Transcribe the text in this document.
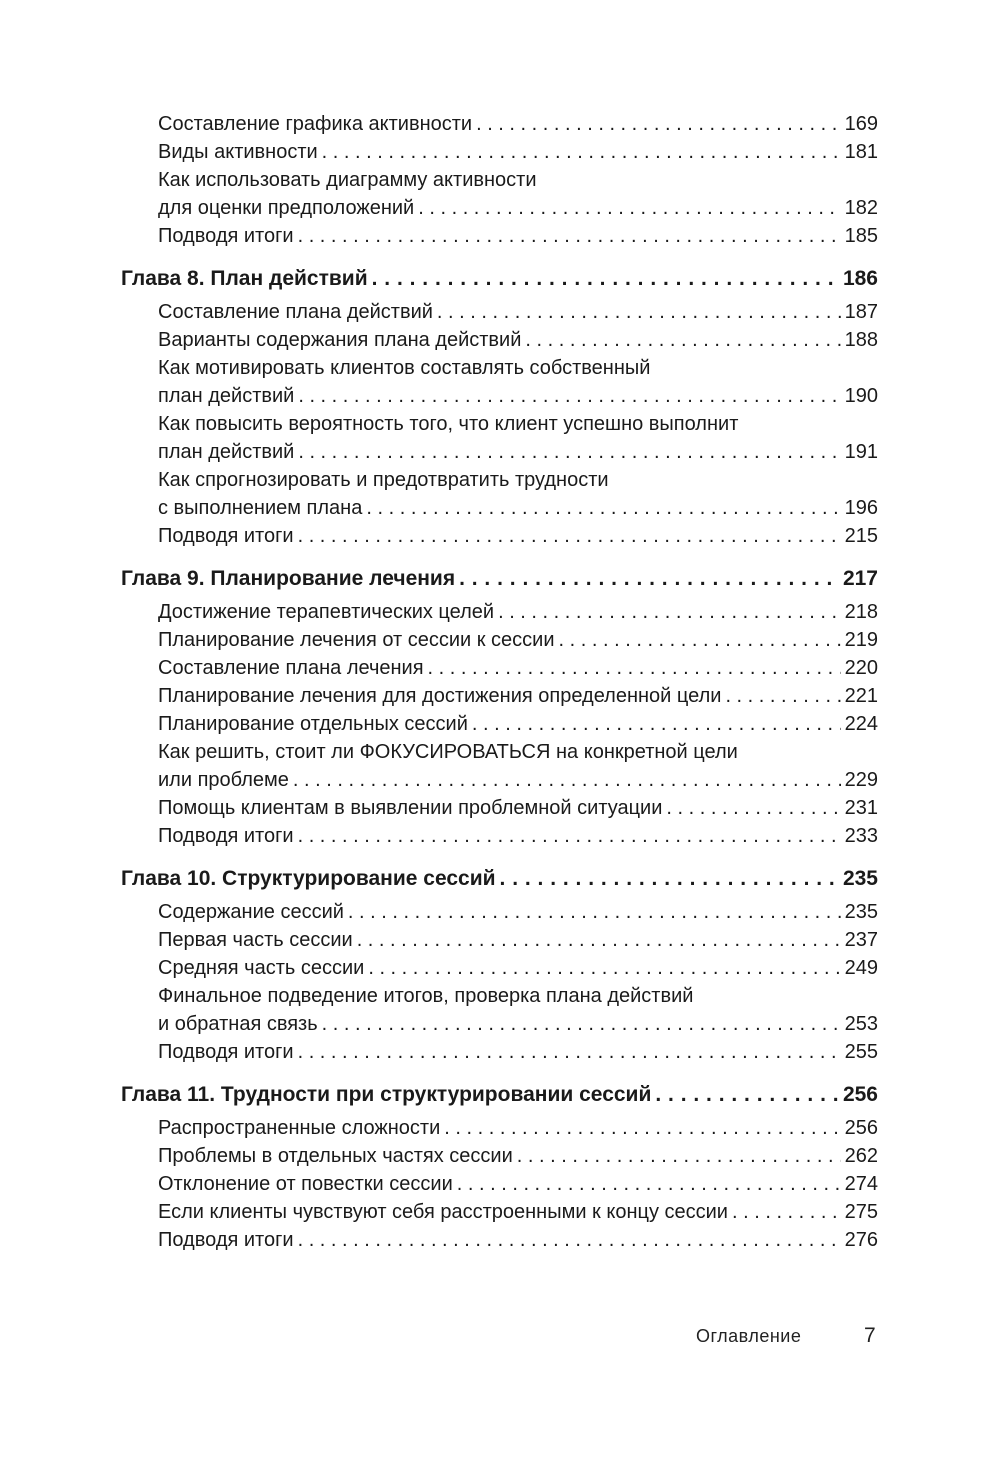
Составление графика активности . . .	169
Виды активности . . .	181
Как использовать диаграмму активности
для оценки предположений . . .	182
Подводя итоги . . .	185
Глава 8. План действий . . .	186
Составление плана действий . . .	187
Варианты содержания плана действий . . .	188
Как мотивировать клиентов составлять собственный
план действий . . .	190
Как повысить вероятность того, что клиент успешно выполнит
план действий . . .	191
Как спрогнозировать и предотвратить трудности
с выполнением плана . . .	196
Подводя итоги . . .	215
Глава 9. Планирование лечения . . .	217
Достижение терапевтических целей . . .	218
Планирование лечения от сессии к сессии . . .	219
Составление плана лечения . . .	220
Планирование лечения для достижения определенной цели . . .	221
Планирование отдельных сессий . . .	224
Как решить, стоит ли ФОКУСИРОВАТЬСЯ на конкретной цели
или проблеме . . .	229
Помощь клиентам в выявлении проблемной ситуации . . .	231
Подводя итоги . . .	233
Глава 10. Структурирование сессий . . .	235
Содержание сессий . . .	235
Первая часть сессии . . .	237
Средняя часть сессии . . .	249
Финальное подведение итогов, проверка плана действий
и обратная связь . . .	253
Подводя итоги . . .	255
Глава 11. Трудности при структурировании сессий . . .	256
Распространенные сложности . . .	256
Проблемы в отдельных частях сессии . . .	262
Отклонение от повестки сессии . . .	274
Если клиенты чувствуют себя расстроенными к концу сессии . . .	275
Подводя итоги . . .	276
Оглавление	7
